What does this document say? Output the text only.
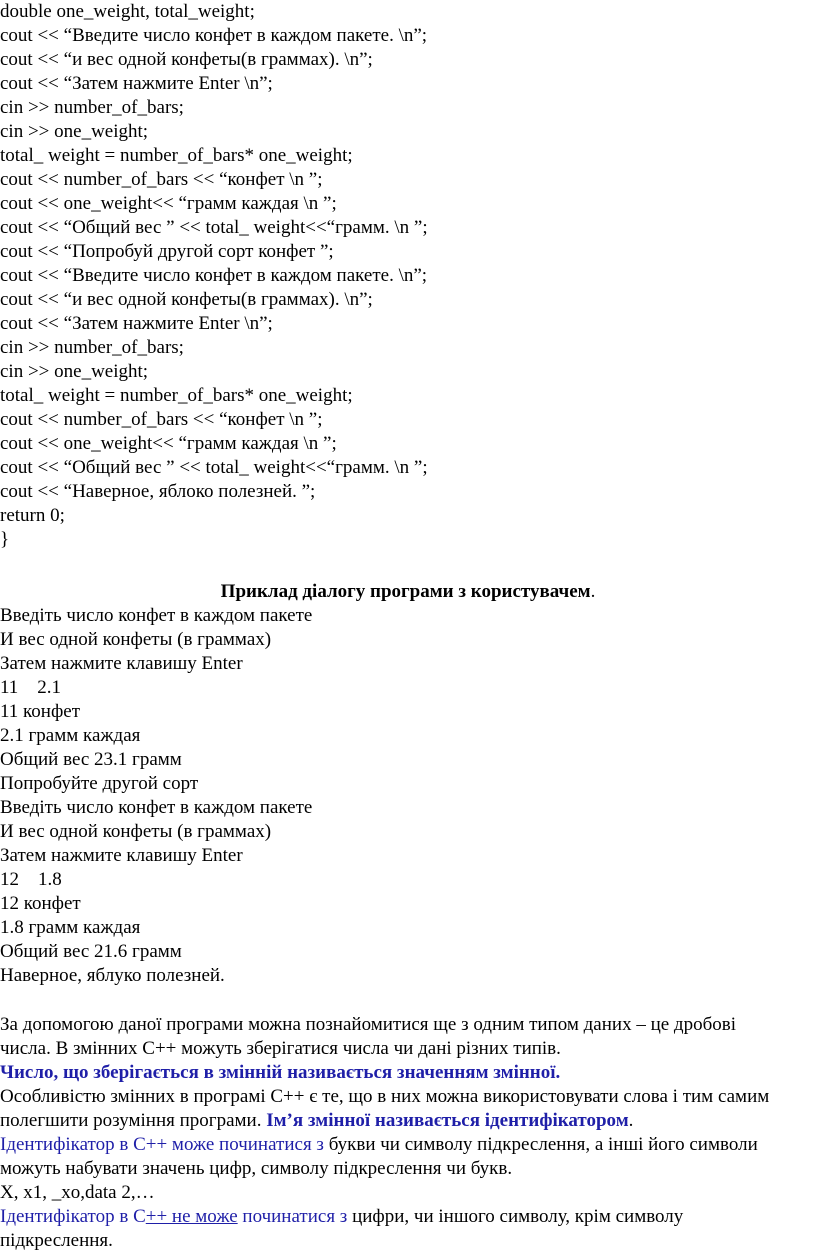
double one_weight, total_weight;
cout << “Введите число конфет в каждом пакете. \n”;
cout << “и вес одной конфеты(в граммах). \n”;
cout << “Затем нажмите Enter \n”;
cin >> number_of_bars;
cin >> one_weight;
total_ weight = number_of_bars* one_weight;
cout << number_of_bars << “конфет \n ”;
cout << one_weight<< “грамм каждая \n ”;
cout << “Общий вес ” << total_ weight<<“грамм. \n ”;
cout << “Попробуй другой сорт конфет ”;
cout << “Введите число конфет в каждом пакете. \n”;
cout << “и вес одной конфеты(в граммах). \n”;
cout << “Затем нажмите Enter \n”;
cin >> number_of_bars;
cin >> one_weight;
total_ weight = number_of_bars* one_weight;
cout << number_of_bars << “конфет \n ”;
cout << one_weight<< “грамм каждая \n ”;
cout << “Общий вес ” << total_ weight<<“грамм. \n ”;
cout << “Наверное, яблоко полезней. ”;
return 0;
}
Приклад діалогу програми з користувачем.
Введіть число конфет в каждом пакете
И вес одной конфеты (в граммах)
Затем нажмите клавишу Enter
11    2.1
11 конфет
2.1 грамм каждая
Общий вес 23.1 грамм
Попробуйте другой сорт
Введіть число конфет в каждом пакете
И вес одной конфеты (в граммах)
Затем нажмите клавишу Enter
12    1.8
12 конфет
1.8 грамм каждая
Общий вес 21.6 грамм
Наверное, яблуко полезней.

За допомогою даної програми можна познайомитися ще з одним типом даних – це дробові числа. В змінних С++ можуть зберігатися числа чи дані різних типів.

Число, що зберігається в змінній називається значенням змінної.

Особливістю змінних в програмі С++ є те, що в них можна використовувати слова і тим самим полегшити розуміння програми. Ім’я змінної називається ідентифікатором.

Ідентифікатор в С++ може починатися з букви чи символу підкреслення, а інші його символи можуть набувати значень цифр, символу підкреслення чи букв.

X, x1, _xo,data 2,…

Ідентифікатор в С++ не може починатися з цифри, чи іншого символу, крім символу підкреслення.
